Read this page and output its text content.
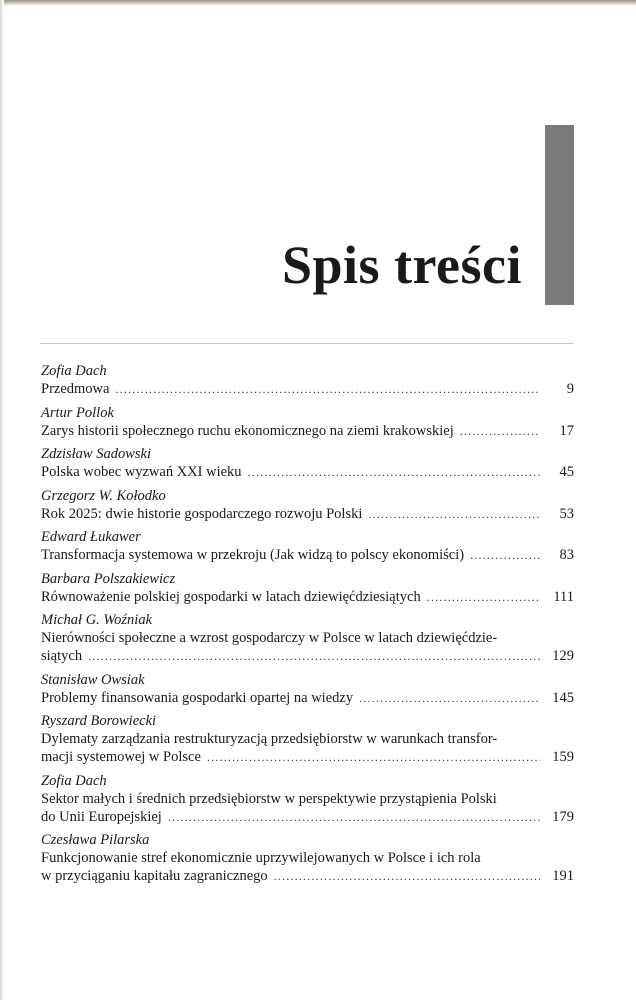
Spis treści
Zofia Dach
Przedmowa .....	9
Artur Pollok
Zarys historii społecznego ruchu ekonomicznego na ziemi krakowskiej .....	17
Zdzisław Sadowski
Polska wobec wyzwań XXI wieku .....	45
Grzegorz W. Kołodko
Rok 2025: dwie historie gospodarczego rozwoju Polski .....	53
Edward Łukawer
Transformacja systemowa w przekroju (Jak widzą to polscy ekonomiści) .....	83
Barbara Polszakiewicz
Równoważenie polskiej gospodarki w latach dziewięćdziesiątych .....	111
Michał G. Woźniak
Nierówności społeczne a wzrost gospodarczy w Polsce w latach dziewięćdzie-
siątych .....	129
Stanisław Owsiak
Problemy finansowania gospodarki opartej na wiedzy .....	145
Ryszard Borowiecki
Dylematy zarządzania restrukturyzacją przedsiębiorstw w warunkach transfor-
macji systemowej w Polsce .....	159
Zofia Dach
Sektor małych i średnich przedsiębiorstw w perspektywie przystąpienia Polski
do Unii Europejskiej .....	179
Czesława Pilarska
Funkcjonowanie stref ekonomicznie uprzywilejowanych w Polsce i ich rola
w przyciąganiu kapitału zagranicznego .....	191
